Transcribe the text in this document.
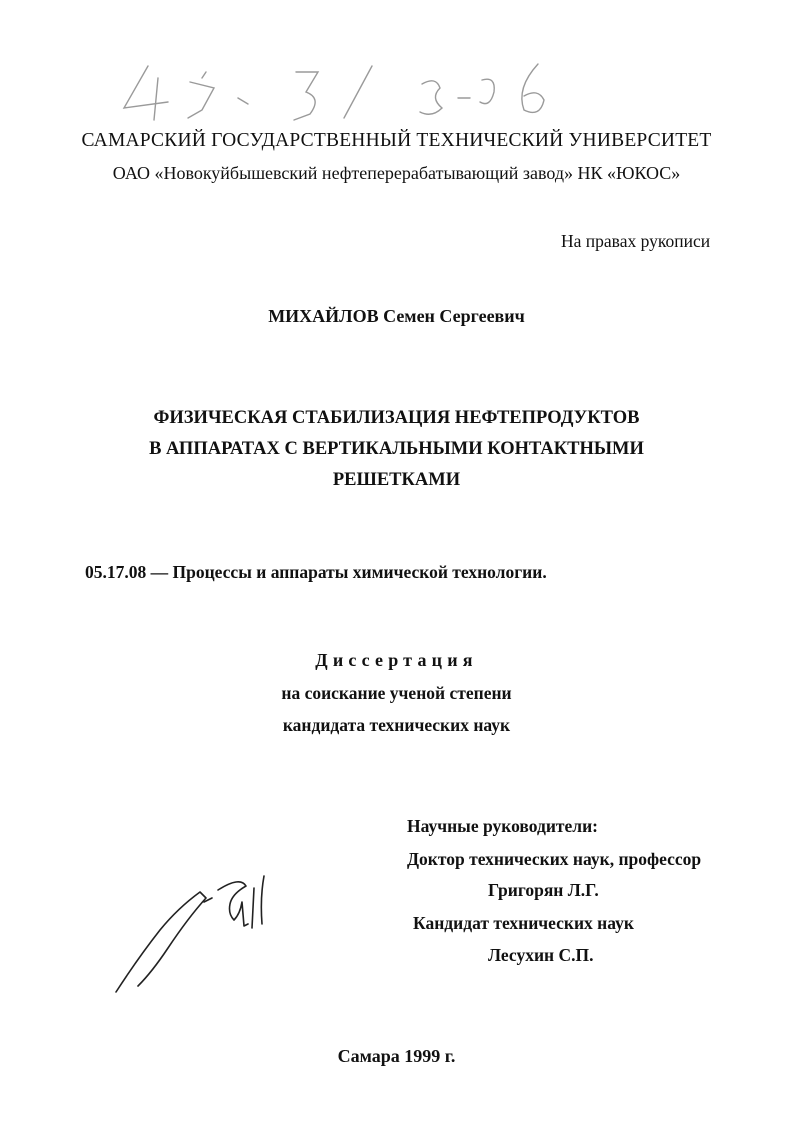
САМАРСКИЙ ГОСУДАРСТВЕННЫЙ ТЕХНИЧЕСКИЙ УНИВЕРСИТЕТ
ОАО «Новокуйбышевский нефтеперерабатывающий завод» НК «ЮКОС»
На правах рукописи
МИХАЙЛОВ Семен Сергеевич
ФИЗИЧЕСКАЯ СТАБИЛИЗАЦИЯ НЕФТЕПРОДУКТОВ
В АППАРАТАХ С ВЕРТИКАЛЬНЫМИ КОНТАКТНЫМИ
РЕШЕТКАМИ
05.17.08 — Процессы и аппараты химической технологии.
Диссертация
на соискание ученой степени
кандидата технических наук
Научные руководители:
Доктор технических наук, профессор
Григорян Л.Г.
Кандидат технических наук
Лесухин С.П.
Самара 1999 г.
